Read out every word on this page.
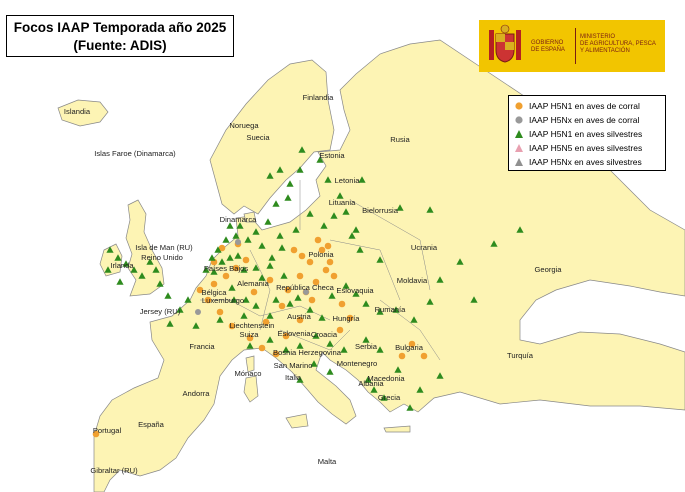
Islandia
Islas Faroe (Dinamarca)
Noruega
Suecia
Finlandia
Rusia
Estonia
Letonia
Lituania
Bielorrusia
Dinamarca
Isla de Man (RU)
Irlanda
Reino Unido
Países Bajos
Bélgica
Alemania
Polonia
Ucrania
República Checa Eslovaquia
Moldavia
Luxemburgo
Jersey (RU)
Liechtenstein
Austria	Hungría
Rumanía
Georgia
Suiza	Eslovenia Croacia
Francia
Bosnia Herzegovina
Serbia Bulgaria
Turquía
Mónaco
San Marino	Montenegro
Macedonia
Italia
Albania
Andorra	Grecia
España
Portugal
Gibraltar (RU)
Malta
Focos IAAP Temporada año 2025
(Fuente: ADIS)	GOBIERNO
DE ESPAÑA
MINISTERIO
DE AGRICULTURA, PESCA
Y ALIMENTACIÓN
IAAP H5N1 en aves de corral
IAAP H5Nx en aves de corral
IAAP H5N1 en aves silvestres
IAAP H5N5 en aves silvestres
IAAP H5Nx en aves silvestres
